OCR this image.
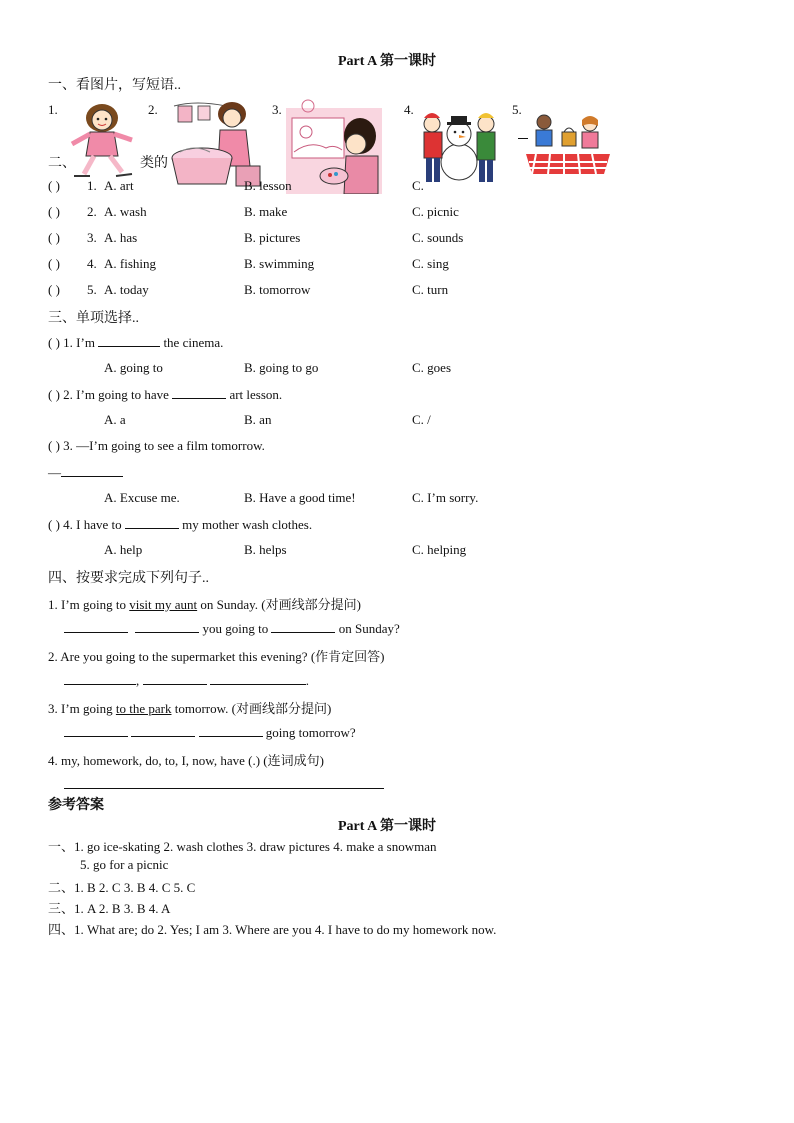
Part A 第一课时
一、看图片，写短语..
1.	2.	3.	4.	5.
二、	类的
( ) 1. A. art	B. lesson	C.
( ) 2. A. wash	B. make	C. picnic
( ) 3. A. has	B. pictures	C. sounds
( ) 4. A. fishing	B. swimming	C. sing
( ) 5. A. today	B. tomorrow	C. turn
三、单项选择..
( ) 1. I’m	the cinema.
A. going to	B. going to go	C. goes
( ) 2. I’m going to have	art lesson.
A. a	B. an	C. /
( ) 3. —I’m going to see a film tomorrow.
—
A. Excuse me.	B. Have a good time!	C. I’m sorry.
( ) 4. I have to	my mother wash clothes.
A. help	B. helps	C. helping
四、按要求完成下列句子..
1. I’m going to visit my aunt on Sunday. (对画线部分提问)
you going to	on Sunday?
2. Are you going to the supermarket this evening? (作肯定回答)
,	.
3. I’m going to the park tomorrow. (对画线部分提问)
going tomorrow?
4. my, homework, do, to, I, now, have (.) (连词成句)
参考答案
Part A 第一课时
一、1. go ice-skating 2. wash clothes 3. draw pictures 4. make a snowman
5. go for a picnic
二、1. B 2. C 3. B 4. C 5. C
三、1. A 2. B 3. B 4. A
四、1. What are; do 2. Yes; I am 3. Where are you 4. I have to do my homework now.
